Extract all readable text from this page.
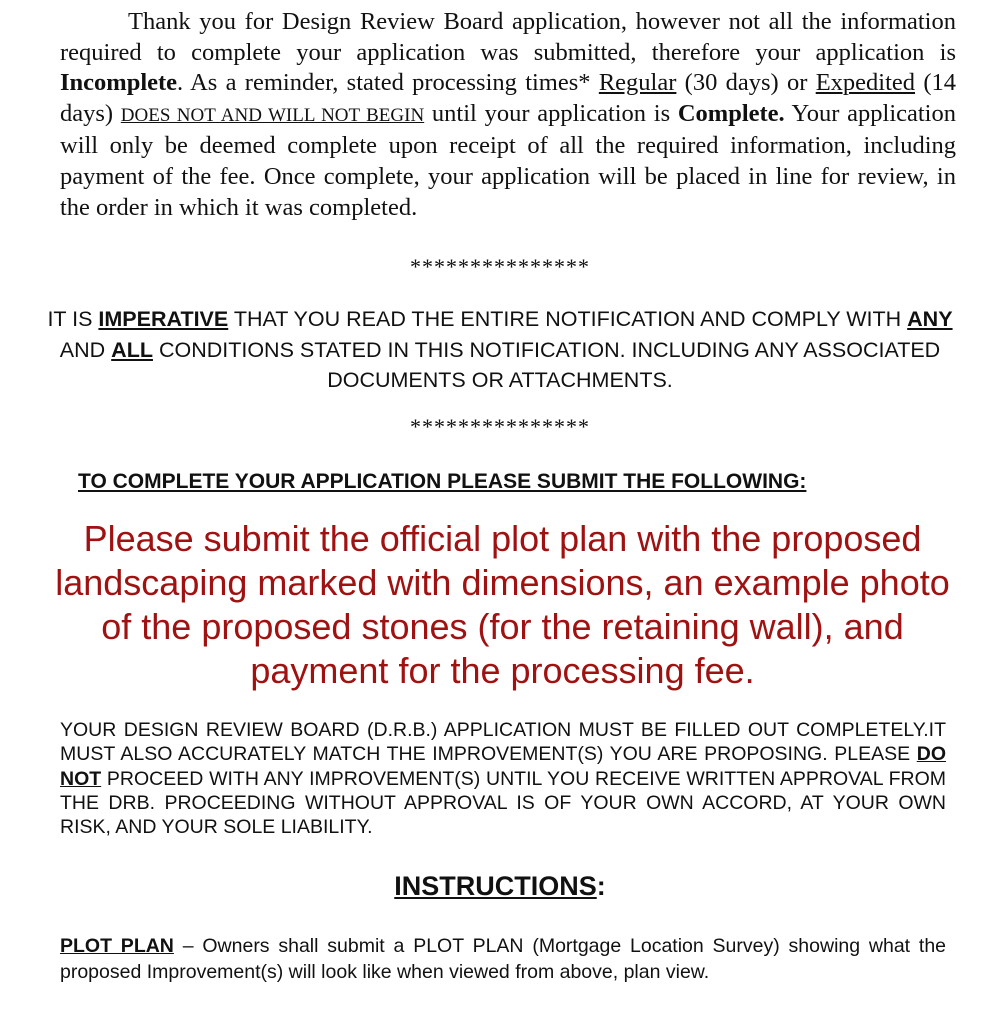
Thank you for Design Review Board application, however not all the information required to complete your application was submitted, therefore your application is Incomplete. As a reminder, stated processing times* Regular (30 days) or Expedited (14 days) DOES NOT AND WILL NOT BEGIN until your application is Complete. Your application will only be deemed complete upon receipt of all the required information, including payment of the fee. Once complete, your application will be placed in line for review, in the order in which it was completed.
***************
IT IS IMPERATIVE THAT YOU READ THE ENTIRE NOTIFICATION AND COMPLY WITH ANY AND ALL CONDITIONS STATED IN THIS NOTIFICATION. INCLUDING ANY ASSOCIATED DOCUMENTS OR ATTACHMENTS.
***************
TO COMPLETE YOUR APPLICATION PLEASE SUBMIT THE FOLLOWING:
Please submit the official plot plan with the proposed landscaping marked with dimensions, an example photo of the proposed stones (for the retaining wall), and payment for the processing fee.
YOUR DESIGN REVIEW BOARD (D.R.B.) APPLICATION MUST BE FILLED OUT COMPLETELY.IT MUST ALSO ACCURATELY MATCH THE IMPROVEMENT(S) YOU ARE PROPOSING. PLEASE DO NOT PROCEED WITH ANY IMPROVEMENT(S) UNTIL YOU RECEIVE WRITTEN APPROVAL FROM THE DRB. PROCEEDING WITHOUT APPROVAL IS OF YOUR OWN ACCORD, AT YOUR OWN RISK, AND YOUR SOLE LIABILITY.
INSTRUCTIONS:
PLOT PLAN – Owners shall submit a PLOT PLAN (Mortgage Location Survey) showing what the proposed Improvement(s) will look like when viewed from above, plan view.
